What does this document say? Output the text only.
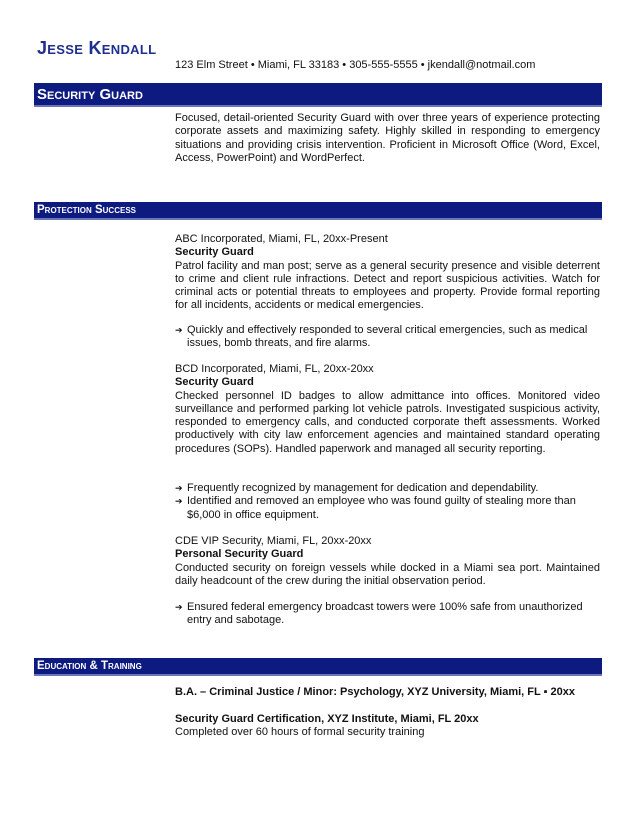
Jesse Kendall
123 Elm Street • Miami, FL 33183 • 305-555-5555 • jkendall@notmail.com
Security Guard
Focused, detail-oriented Security Guard with over three years of experience protecting corporate assets and maximizing safety. Highly skilled in responding to emergency situations and providing crisis intervention. Proficient in Microsoft Office (Word, Excel, Access, PowerPoint) and WordPerfect.
Protection Success
ABC Incorporated, Miami, FL, 20xx-Present
Security Guard
Patrol facility and man post; serve as a general security presence and visible deterrent to crime and client rule infractions. Detect and report suspicious activities. Watch for criminal acts or potential threats to employees and property. Provide formal reporting for all incidents, accidents or medical emergencies.
➔ Quickly and effectively responded to several critical emergencies, such as medical issues, bomb threats, and fire alarms.
BCD Incorporated, Miami, FL, 20xx-20xx
Security Guard
Checked personnel ID badges to allow admittance into offices. Monitored video surveillance and performed parking lot vehicle patrols. Investigated suspicious activity, responded to emergency calls, and conducted corporate theft assessments. Worked productively with city law enforcement agencies and maintained standard operating procedures (SOPs). Handled paperwork and managed all security reporting.
➔ Frequently recognized by management for dedication and dependability.
➔ Identified and removed an employee who was found guilty of stealing more than $6,000 in office equipment.
CDE VIP Security, Miami, FL, 20xx-20xx
Personal Security Guard
Conducted security on foreign vessels while docked in a Miami sea port. Maintained daily headcount of the crew during the initial observation period.
➔ Ensured federal emergency broadcast towers were 100% safe from unauthorized entry and sabotage.
Education & Training
B.A. – Criminal Justice / Minor: Psychology, XYZ University, Miami, FL ▪ 20xx
Security Guard Certification, XYZ Institute, Miami, FL 20xx
Completed over 60 hours of formal security training
